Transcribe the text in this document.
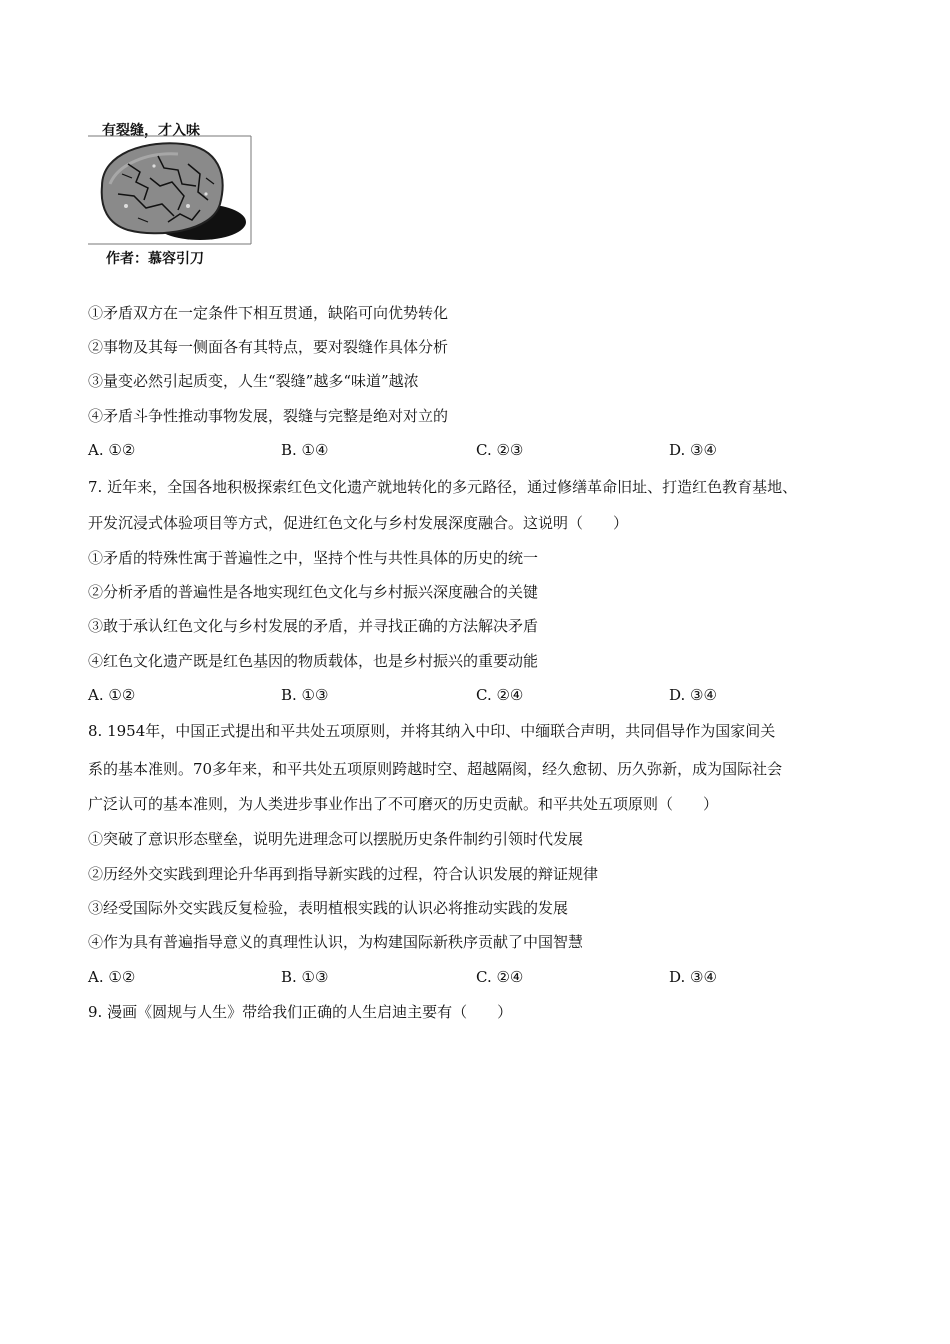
有裂缝，才入味
作者：慕容引刀
①矛盾双方在一定条件下相互贯通，缺陷可向优势转化
②事物及其每一侧面各有其特点，要对裂缝作具体分析
③量变必然引起质变，人生“裂缝”越多“味道”越浓
④矛盾斗争性推动事物发展，裂缝与完整是绝对对立的
A. ①②	B. ①④	C. ②③	D. ③④
7. 近年来，全国各地积极探索红色文化遗产就地转化的多元路径，通过修缮革命旧址、打造红色教育基地、
开发沉浸式体验项目等方式，促进红色文化与乡村发展深度融合。这说明（　　）
①矛盾的特殊性寓于普遍性之中，坚持个性与共性具体的历史的统一
②分析矛盾的普遍性是各地实现红色文化与乡村振兴深度融合的关键
③敢于承认红色文化与乡村发展的矛盾，并寻找正确的方法解决矛盾
④红色文化遗产既是红色基因的物质载体，也是乡村振兴的重要动能
A. ①②	B. ①③	C. ②④	D. ③④
8. 1954年，中国正式提出和平共处五项原则，并将其纳入中印、中缅联合声明，共同倡导作为国家间关
系的基本准则。70多年来，和平共处五项原则跨越时空、超越隔阂，经久愈韧、历久弥新，成为国际社会
广泛认可的基本准则，为人类进步事业作出了不可磨灭的历史贡献。和平共处五项原则（　　）
①突破了意识形态壁垒，说明先进理念可以摆脱历史条件制约引领时代发展
②历经外交实践到理论升华再到指导新实践的过程，符合认识发展的辩证规律
③经受国际外交实践反复检验，表明植根实践的认识必将推动实践的发展
④作为具有普遍指导意义的真理性认识，为构建国际新秩序贡献了中国智慧
A. ①②	B. ①③	C. ②④	D. ③④
9. 漫画《圆规与人生》带给我们正确的人生启迪主要有（　　）
